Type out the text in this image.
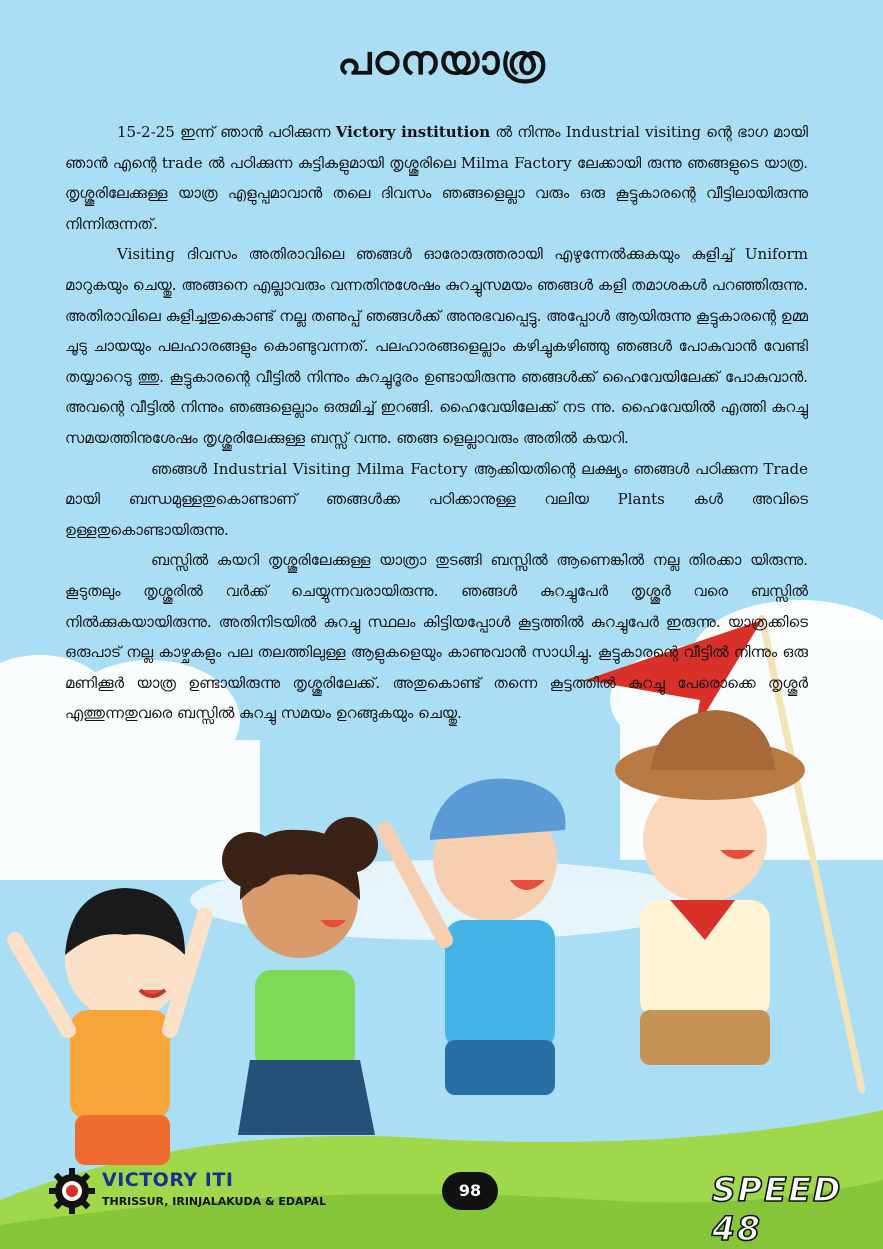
പഠനയാത്ര

15-2-25 ഇന്ന് ഞാൻ പഠിക്കുന്ന Victory institution ൽ നിന്നും Industrial visiting ന്റെ ഭാഗ മായി ഞാൻ എന്റെ trade ൽ പഠിക്കുന്ന കുട്ടികളുമായി തൃശ്ശൂരിലെ Milma Factory ലേക്കായി രുന്നു ഞങ്ങളുടെ യാത്ര. തൃശ്ശൂരിലേക്കുള്ള യാത്ര എളുപ്പമാവാൻ തലെ ദിവസം ഞങ്ങളെല്ലാ വരും ഒരു കൂട്ടുകാരന്റെ വീട്ടിലായിരുന്നു നിന്നിരുന്നത്.

Visiting ദിവസം അതിരാവിലെ ഞങ്ങൾ ഓരോരുത്തരായി എഴുന്നേൽക്കുകയും കുളിച്ച് Uniform മാറുകയും ചെയ്തു. അങ്ങനെ എല്ലാവരും വന്നതിനുശേഷം കുറച്ചുസമയം ഞങ്ങൾ കളി തമാശകൾ പറഞ്ഞിരുന്നു. അതിരാവിലെ കുളിച്ചതുകൊണ്ട് നല്ല തണുപ്പ് ഞങ്ങൾക്ക് അനുഭവപ്പെട്ടു. അപ്പോൾ ആയിരുന്നു കൂട്ടുകാരന്റെ ഉമ്മ ചൂടു ചായയും പലഹാരങ്ങളും കൊണ്ടുവന്നത്. പലഹാരങ്ങളെല്ലാം കഴിച്ചുകഴിഞ്ഞു ഞങ്ങൾ പോകുവാൻ വേണ്ടി തയ്യാറെടു ത്തു. കൂട്ടുകാരന്റെ വീട്ടിൽ നിന്നും കുറച്ചുദൂരം ഉണ്ടായിരുന്നു ഞങ്ങൾക്ക് ഹൈവേയിലേക്ക് പോകുവാൻ. അവന്റെ വീട്ടിൽ നിന്നും ഞങ്ങളെല്ലാം ഒരുമിച്ച് ഇറങ്ങി. ഹൈവേയിലേക്ക് നട ന്നു. ഹൈവേയിൽ എത്തി കുറച്ചു സമയത്തിനുശേഷം തൃശ്ശൂരിലേക്കുള്ള ബസ്സ് വന്നു. ഞങ്ങ ളെല്ലാവരും അതിൽ കയറി.

ഞങ്ങൾ Industrial Visiting Milma Factory ആക്കിയതിന്റെ ലക്ഷ്യം ഞങ്ങൾ പഠിക്കുന്ന Trade മായി ബന്ധമുള്ളതുകൊണ്ടാണ് ഞങ്ങൾക്ക പഠിക്കാനുള്ള വലിയ Plants കൾ അവിടെ ഉള്ളതുകൊണ്ടായിരുന്നു.

ബസ്സിൽ കയറി തൃശ്ശൂരിലേക്കുള്ള യാത്രാ തുടങ്ങി ബസ്സിൽ ആണെങ്കിൽ നല്ല തിരക്കാ യിരുന്നു. കൂടുതലും തൃശ്ശൂരിൽ വർക്ക് ചെയ്യുന്നവരായിരുന്നു. ഞങ്ങൾ കുറച്ചുപേർ തൃശ്ശൂർ വരെ ബസ്സിൽ നിൽക്കുകയായിരുന്നു. അതിനിടയിൽ കുറച്ചു സ്ഥലം കിട്ടിയപ്പോൾ കൂട്ടത്തിൽ കുറച്ചുപേർ ഇരുന്നു. യാത്രക്കിടെ ഒരുപാട് നല്ല കാഴ്ചകളും പല തലത്തിലുള്ള ആളുകളെയും കാണുവാൻ സാധിച്ചു. കൂട്ടുകാരന്റെ വീട്ടിൽ നിന്നും ഒരു മണിക്കൂർ യാത്ര ഉണ്ടായിരുന്നു തൃശ്ശൂരിലേക്ക്. അതുകൊണ്ട് തന്നെ കൂട്ടത്തിൽ കുറച്ചു പേരൊക്കെ തൃശ്ശൂർ എത്തുന്നതുവരെ ബസ്സിൽ കുറച്ചു സമയം ഉറങ്ങുകയും ചെയ്തു.

VICTORY ITI
THRISSUR, IRINJALAKUDA & EDAPAL
98	SPEED 48
